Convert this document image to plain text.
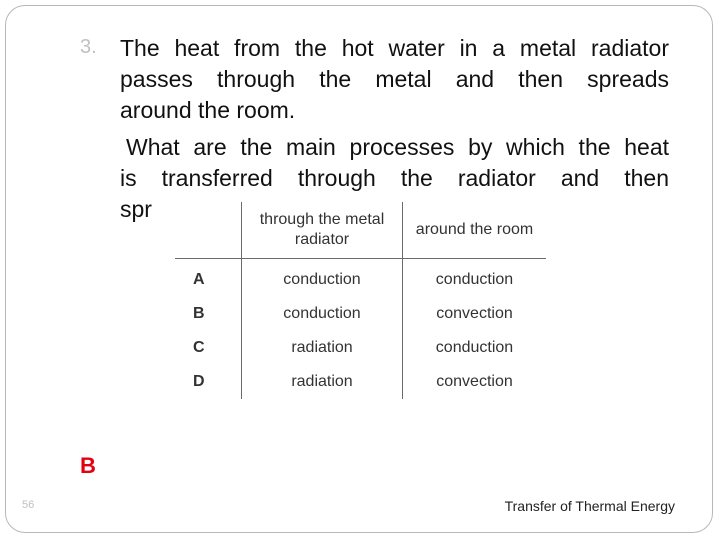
3. The heat from the hot water in a metal radiator
passes through the metal and then spreads
around the room.
What are the main processes by which the heat
is transferred through the radiator and then
spr
		through the metal radiator	around the room
A	conduction	conduction
B	conduction	convection
C	radiation	conduction
D	radiation	convection
B
56	Transfer of Thermal Energy
